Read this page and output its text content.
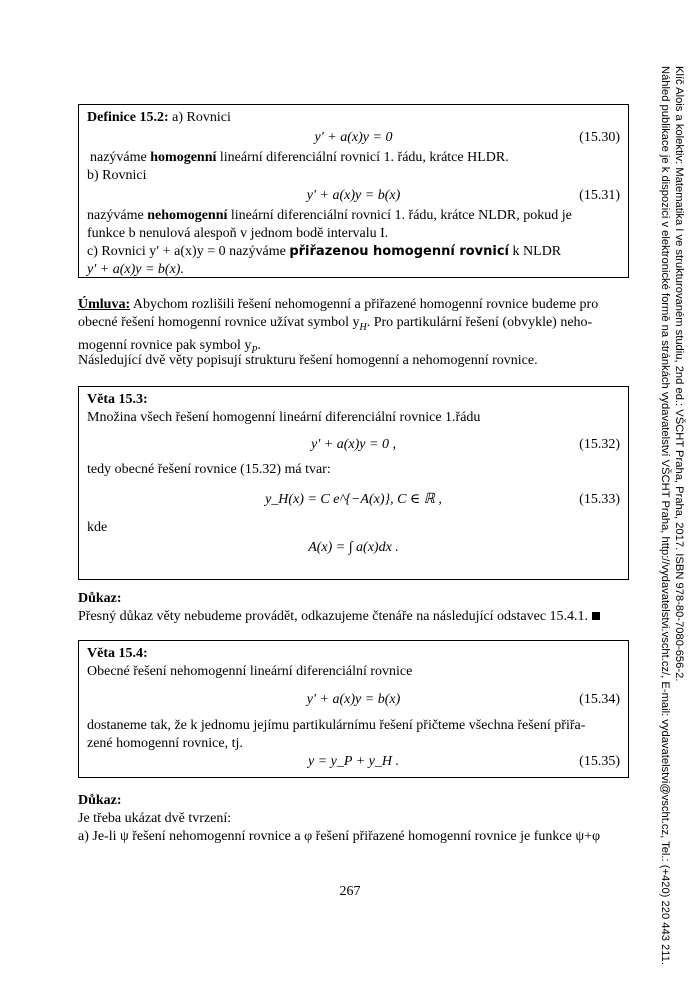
Klíč Alois a kolektiv: Matematika I ve strukturovaném studiu, 2nd ed.: VŠCHT Praha, Praha, 2017. ISBN 978-80-7080-656-2.
Náhled publikace je k dispozici v elektronické formě na stránkách vydavatelství VŠCHT Praha, http://vydavatelstvi.vscht.cz/, E-mail: vydavatelstvi@vscht.cz, Tel.: (+420) 220 443 211.
Definice 15.2: a) Rovnici
y′ + a(x)y = 0	(15.30)
nazýváme homogenní lineární diferenciální rovnicí 1. řádu, krátce HLDR.
b) Rovnici
y′ + a(x)y = b(x)	(15.31)
nazýváme nehomogenní lineární diferenciální rovnicí 1. řádu, krátce NLDR, pokud je
funkce b nenulová alespoň v jednom bodě intervalu I.
c) Rovnici y′ + a(x)y = 0 nazýváme přiřazenou homogenní rovnicí k NLDR
y′ + a(x)y = b(x).
Úmluva: Abychom rozlišili řešení nehomogenní a přiřazené homogenní rovnice budeme pro
obecné řešení homogenní rovnice užívat symbol $y_H$. Pro partikulární řešení (obvykle) neho-
mogenní rovnice pak symbol $y_P$.
Následující dvě věty popisují strukturu řešení homogenní a nehomogenní rovnice.
Věta 15.3:
Množina všech řešení homogenní lineární diferenciální rovnice 1.řádu
y′ + a(x)y = 0 ,	(15.32)
tedy obecné řešení rovnice (15.32) má tvar:
y_H(x) = C e^{−A(x)}, C ∈ ℝ ,	(15.33)
kde
A(x) = ∫ a(x)dx .
Důkaz:
Přesný důkaz věty nebudeme provádět, odkazujeme čtenáře na následující odstavec 15.4.1.
Věta 15.4:
Obecné řešení nehomogenní lineární diferenciální rovnice
y′ + a(x)y = b(x)	(15.34)
dostaneme tak, že k jednomu jejímu partikulárnímu řešení přičteme všechna řešení přiřa-
zené homogenní rovnice, tj.
y = y_P + y_H .	(15.35)
Důkaz:
Je třeba ukázat dvě tvrzení:
a) Je-li ψ řešení nehomogenní rovnice a φ řešení přiřazené homogenní rovnice je funkce ψ+φ
267
